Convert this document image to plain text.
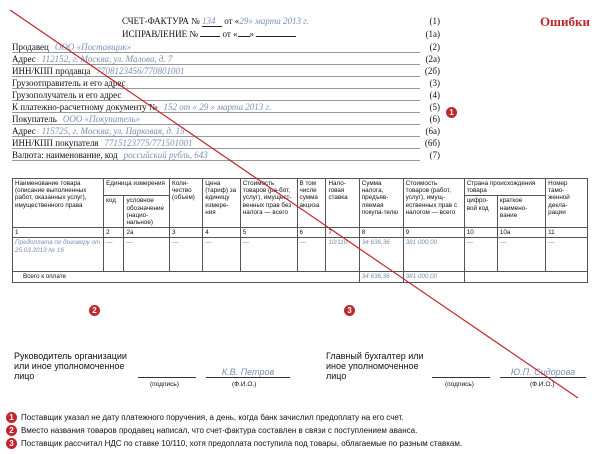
Ошибки
СЧЕТ-ФАКТУРА № 134 от «29» марта 2013 г.	(1)
ИСПРАВЛЕНИЕ №	от « »	(1а)
Продавец ООО «Поставщик»	(2)
Адрес 112152, г. Москва, ул. Малова, д. 7	(2а)
ИНН/КПП продавца 7708123456/770801001	(2б)
Грузоотправитель и его адрес	(3)
Грузополучатель и его адрес	(4)
К платежно-расчетному документу № 152 от « 29 » марта 2013 г.	(5)
Покупатель ООО «Покупатель»	(6)
Адрес 115725, г. Москва, ул. Парковая, д. 15	(6а)
ИНН/КПП покупателя 7715123775/771501001	(6б)
Валюта: наименование, код российский рубль, 643	(7)
1
Наименование товара (описание выполненных работ, оказанных услуг), имущественного права	Единица измерения		Коли-чество (объем)	Цена (тариф) за единицу измере-ния	Стоимость товаров (ра-бот, услуг), имущест-венных прав без налога — всего	В том числе сумма акциза	Нало-говая ставка	Сумма налога, предъяв-ляемая покупа-телю	Стоимость товаров (работ, услуг), имущ-ественных прав с налогом — всего	Страна происхождения товара		Номер тамо-женной декла-рации
	код	условное обозначение (нацио-нальное)								цифро-вой код	краткое наимено-вание	
1	2	2а	3	4	5	6	7	8	9	10	10а	11
Предоплата по договору от 25.03.2013 № 16	—	—	—	—	—	—	10/110	34 636,36	381 000,00	—	—	—
Всего к оплате								34 636,36	381 000,00			
2	3
Руководитель организации или иное уполномоченное лицо
(подпись)
К.В. Петров
(Ф.И.О.)
Главный бухгалтер или иное уполномоченное лицо
(подпись)
Ю.П. Сидорова
(Ф.И.О.)
1 Поставщик указал не дату платежного поручения, а день, когда банк зачислил предоплату на его счет.
2 Вместо названия товаров продавец написал, что счет-фактура составлен в связи с поступлением аванса.
3 Поставщик рассчитал НДС по ставке 10/110, хотя предоплата поступила под товары, облагаемые по разным ставкам.
